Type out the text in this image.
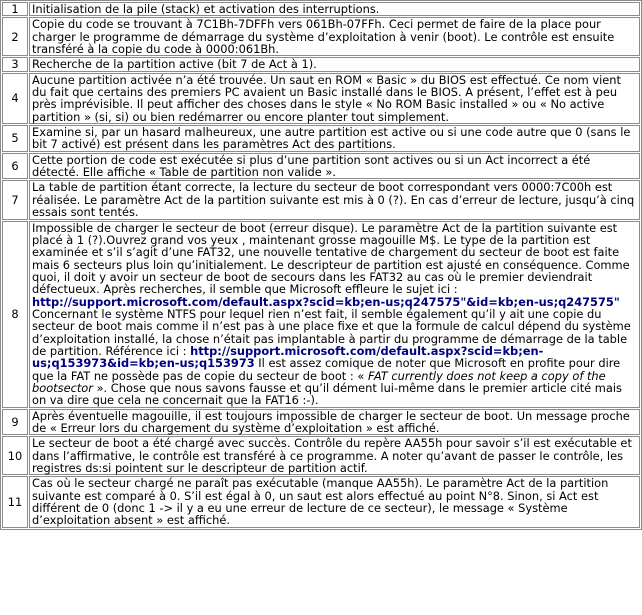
1	Initialisation de la pile (stack) et activation des interruptions.
2	Copie du code se trouvant à 7C1Bh-7DFFh vers 061Bh-07FFh. Ceci permet de faire de la place pour charger le programme de démarrage du système d’exploitation à venir (boot). Le contrôle est ensuite transféré à la copie du code à 0000:061Bh.
3	Recherche de la partition active (bit 7 de Act à 1).
4	Aucune partition activée n’a été trouvée. Un saut en ROM « Basic » du BIOS est effectué. Ce nom vient du fait que certains des premiers PC avaient un Basic installé dans le BIOS. A présent, l’effet est à peu près imprévisible. Il peut afficher des choses dans le style « No ROM Basic installed » ou « No active partition » (si, si) ou bien redémarrer ou encore planter tout simplement.
5	Examine si, par un hasard malheureux, une autre partition est active ou si une code autre que 0 (sans le bit 7 activé) est présent dans les paramètres Act des partitions.
6	Cette portion de code est exécutée si plus d’une partition sont actives ou si un Act incorrect a été détecté. Elle affiche « Table de partition non valide ».
7	La table de partition étant correcte, la lecture du secteur de boot correspondant vers 0000:7C00h est réalisée. Le paramètre Act de la partition suivante est mis à 0 (?). En cas d’erreur de lecture, jusqu’à cinq essais sont tentés.
8	Impossible de charger le secteur de boot (erreur disque). Le paramètre Act de la partition suivante est placé à 1 (?).Ouvrez grand vos yeux , maintenant grosse magouille M$. Le type de la partition est examinée et s’il s’agit d’une FAT32, une nouvelle tentative de chargement du secteur de boot est faite mais 6 secteurs plus loin qu’initialement. Le descripteur de partition est ajusté en conséquence. Comme quoi, il doit y avoir un secteur de boot de secours dans les FAT32 au cas où le premier deviendrait défectueux. Après recherches, il semble que Microsoft effleure le sujet ici : http://support.microsoft.com/default.aspx?scid=kb;en-us;q247575"&id=kb;en-us;q247575" Concernant le système NTFS pour lequel rien n’est fait, il semble également qu’il y ait une copie du secteur de boot mais comme il n’est pas à une place fixe et que la formule de calcul dépend du système d’exploitation installé, la chose n’était pas implantable à partir du programme de démarrage de la table de partition. Référence ici : http://support.microsoft.com/default.aspx?scid=kb;en-us;q153973&id=kb;en-us;q153973 Il est assez comique de noter que Microsoft en profite pour dire que la FAT ne possède pas de copie du secteur de boot : « FAT currently does not keep a copy of the bootsector ». Chose que nous savons fausse et qu’il dément lui-même dans le premier article cité mais on va dire que cela ne concernait que la FAT16 :-).
9	Après éventuelle magouille, il est toujours impossible de charger le secteur de boot. Un message proche de « Erreur lors du chargement du système d’exploitation » est affiché.
10	Le secteur de boot a été chargé avec succès. Contrôle du repère AA55h pour savoir s’il est exécutable et dans l’affirmative, le contrôle est transféré à ce programme. A noter qu’avant de passer le contrôle, les registres ds:si pointent sur le descripteur de partition actif.
11	Cas où le secteur chargé ne paraît pas exécutable (manque AA55h). Le paramètre Act de la partition suivante est comparé à 0. S’il est égal à 0, un saut est alors effectué au point N°8. Sinon, si Act est différent de 0 (donc 1 -> il y a eu une erreur de lecture de ce secteur), le message « Système d’exploitation absent » est affiché.
